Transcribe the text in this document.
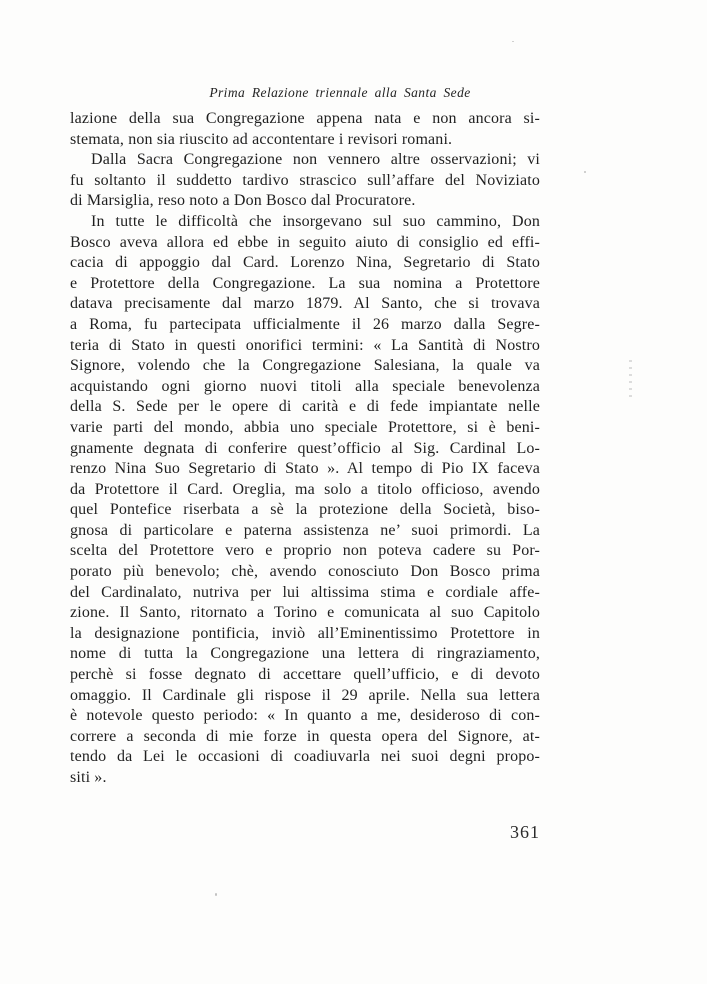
Prima Relazione triennale alla Santa Sede
lazione della sua Congregazione appena nata e non ancora si-
stemata, non sia riuscito ad accontentare i revisori romani.
Dalla Sacra Congregazione non vennero altre osservazioni; vi
fu soltanto il suddetto tardivo strascico sull’affare del Noviziato
di Marsiglia, reso noto a Don Bosco dal Procuratore.
In tutte le difficoltà che insorgevano sul suo cammino, Don
Bosco aveva allora ed ebbe in seguito aiuto di consiglio ed effi-
cacia di appoggio dal Card. Lorenzo Nina, Segretario di Stato
e Protettore della Congregazione. La sua nomina a Protettore
datava precisamente dal marzo 1879. Al Santo, che si trovava
a Roma, fu partecipata ufficialmente il 26 marzo dalla Segre-
teria di Stato in questi onorifici termini: « La Santità di Nostro
Signore, volendo che la Congregazione Salesiana, la quale va
acquistando ogni giorno nuovi titoli alla speciale benevolenza
della S. Sede per le opere di carità e di fede impiantate nelle
varie parti del mondo, abbia uno speciale Protettore, si è beni-
gnamente degnata di conferire quest’officio al Sig. Cardinal Lo-
renzo Nina Suo Segretario di Stato ». Al tempo di Pio IX faceva
da Protettore il Card. Oreglia, ma solo a titolo officioso, avendo
quel Pontefice riserbata a sè la protezione della Società, biso-
gnosa di particolare e paterna assistenza ne’ suoi primordi. La
scelta del Protettore vero e proprio non poteva cadere su Por-
porato più benevolo; chè, avendo conosciuto Don Bosco prima
del Cardinalato, nutriva per lui altissima stima e cordiale affe-
zione. Il Santo, ritornato a Torino e comunicata al suo Capitolo
la designazione pontificia, inviò all’Eminentissimo Protettore in
nome di tutta la Congregazione una lettera di ringraziamento,
perchè si fosse degnato di accettare quell’ufficio, e di devoto
omaggio. Il Cardinale gli rispose il 29 aprile. Nella sua lettera
è notevole questo periodo: « In quanto a me, desideroso di con-
correre a seconda di mie forze in questa opera del Signore, at-
tendo da Lei le occasioni di coadiuvarla nei suoi degni propo-
siti ».
361
